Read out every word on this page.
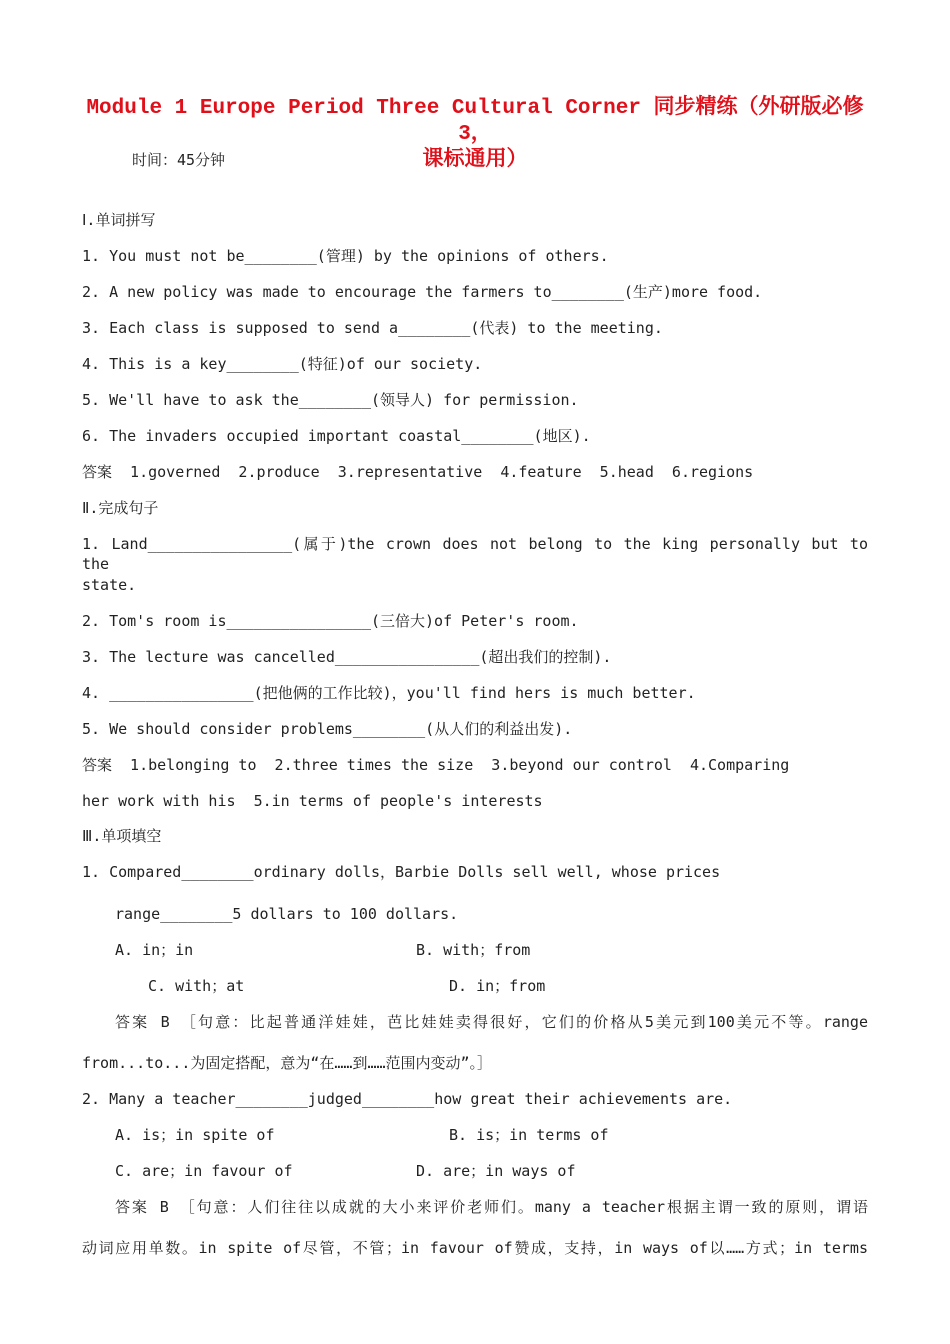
Module 1 Europe Period Three Cultural Corner 同步精练（外研版必修3，
课标通用）
时间：45分钟
Ⅰ.单词拼写
1. You must not be________(管理) by the opinions of others.
2. A new policy was made to encourage the farmers to________(生产)more food.
3. Each class is supposed to send a________(代表) to the meeting.
4. This is a key________(特征)of our society.
5. We'll have to ask the________(领导人) for permission.
6. The invaders occupied important coastal________(地区).
答案  1.governed  2.produce  3.representative  4.feature  5.head  6.regions
Ⅱ.完成句子
1. Land________________(属于)the crown does not belong to the king personally but to the
state.
2. Tom's room is________________(三倍大)of Peter's room.
3. The lecture was cancelled________________(超出我们的控制).
4. ________________(把他俩的工作比较)，you'll find hers is much better.
5. We should consider problems________(从人们的利益出发).
答案  1.belonging to  2.three times the size  3.beyond our control  4.Comparing
her work with his  5.in terms of people's interests
Ⅲ.单项填空
1. Compared________ordinary dolls，Barbie Dolls sell well, whose prices
range________5 dollars to 100 dollars.
A. in；in	B. with；from
C. with；at	D. in；from
答案 B ［句意：比起普通洋娃娃，芭比娃娃卖得很好，它们的价格从5美元到100美元不等。range
from...to...为固定搭配，意为“在……到……范围内变动”。］
2. Many a teacher________judged________how great their achievements are.
A. is；in spite of	B. is；in terms of
C. are；in favour of	D. are；in ways of
答案 B ［句意：人们往往以成就的大小来评价老师们。many a teacher根据主谓一致的原则，谓语
动词应用单数。in spite of尽管，不管；in favour of赞成，支持，in ways of以……方式；in terms
